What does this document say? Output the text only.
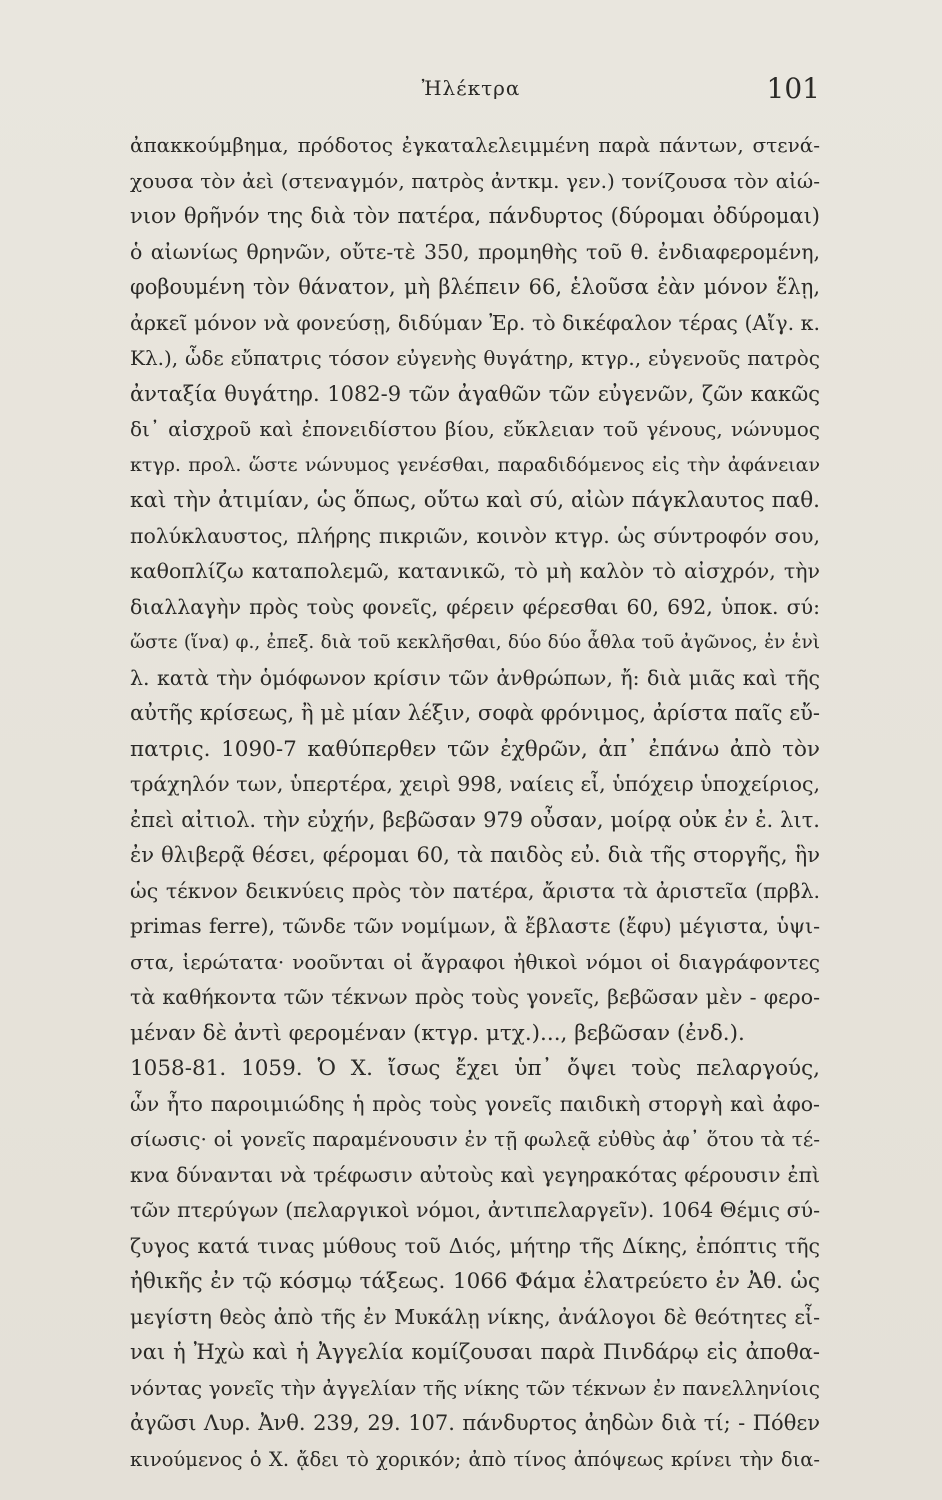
Ἠλέκτρα	101
ἀπακκούμβημα, πρόδοτος ἐγκαταλελειμμένη παρὰ πάντων, στενά-
χουσα τὸν ἀεὶ (στεναγμόν, πατρὸς ἀντκμ. γεν.) τονίζουσα τὸν αἰώ-
νιον θρῆνόν της διὰ τὸν πατέρα, πάνδυρτος (δύρομαι ὀδύρομαι)
ὁ αἰωνίως θρηνῶν, οὔτε-τὲ 350, προμηθὴς τοῦ θ. ἐνδιαφερομένη,
φοβουμένη τὸν θάνατον, μὴ βλέπειν 66, ἑλοῦσα ἐὰν μόνον ἕλῃ,
ἀρκεῖ μόνον νὰ φονεύσῃ, διδύμαν Ἐρ. τὸ δικέφαλον τέρας (Αἴγ. κ.
Κλ.), ὧδε εὔπατρις τόσον εὐγενὴς θυγάτηρ, κτγρ., εὐγενοῦς πατρὸς
ἀνταξία θυγάτηρ. 1082-9 τῶν ἀγαθῶν τῶν εὐγενῶν, ζῶν κακῶς
δι᾽ αἰσχροῦ καὶ ἐπονειδίστου βίου, εὔκλειαν τοῦ γένους, νώνυμος
κτγρ. προλ. ὥστε νώνυμος γενέσθαι, παραδιδόμενος εἰς τὴν ἀφάνειαν
καὶ τὴν ἀτιμίαν, ὡς ὅπως, οὕτω καὶ σύ, αἰὼν πάγκλαυτος παθ.
πολύκλαυστος, πλήρης πικριῶν, κοινὸν κτγρ. ὡς σύντροφόν σου,
καθοπλίζω καταπολεμῶ, κατανικῶ, τὸ μὴ καλὸν τὸ αἰσχρόν, τὴν
διαλλαγὴν πρὸς τοὺς φονεῖς, φέρειν φέρεσθαι 60, 692, ὑποκ. σύ:
ὥστε (ἵνα) φ., ἐπεξ. διὰ τοῦ κεκλῆσθαι, δύο δύο ἆθλα τοῦ ἀγῶνος, ἐν ἑνὶ
λ. κατὰ τὴν ὁμόφωνον κρίσιν τῶν ἀνθρώπων, ἤ: διὰ μιᾶς καὶ τῆς
αὐτῆς κρίσεως, ἢ μὲ μίαν λέξιν, σοφὰ φρόνιμος, ἀρίστα παῖς εὔ-
πατρις. 1090-7 καθύπερθεν τῶν ἐχθρῶν, ἀπ᾽ ἐπάνω ἀπὸ τὸν
τράχηλόν των, ὑπερτέρα, χειρὶ 998, ναίεις εἶ, ὑπόχειρ ὑποχείριος,
ἐπεὶ αἰτιολ. τὴν εὐχήν, βεβῶσαν 979 οὖσαν, μοίρᾳ οὐκ ἐν ἐ. λιτ.
ἐν θλιβερᾷ θέσει, φέρομαι 60, τὰ παιδὸς εὐ. διὰ τῆς στοργῆς, ἣν
ὡς τέκνον δεικνύεις πρὸς τὸν πατέρα, ἄριστα τὰ ἀριστεῖα (πρβλ.
primas ferre), τῶνδε τῶν νομίμων, ἃ ἔβλαστε (ἔφυ) μέγιστα, ὑψι-
στα, ἱερώτατα· νοοῦνται οἱ ἄγραφοι ἠθικοὶ νόμοι οἱ διαγράφοντες
τὰ καθήκοντα τῶν τέκνων πρὸς τοὺς γονεῖς, βεβῶσαν μὲν - φερο-
μέναν δὲ ἀντὶ φερομέναν (κτγρ. μτχ.)..., βεβῶσαν (ἐνδ.).
1058-81. 1059. Ὁ Χ. ἴσως ἔχει ὑπ᾽ ὄψει τοὺς πελαργούς,
ὧν ἦτο παροιμιώδης ἡ πρὸς τοὺς γονεῖς παιδικὴ στοργὴ καὶ ἀφο-
σίωσις· οἱ γονεῖς παραμένουσιν ἐν τῇ φωλεᾷ εὐθὺς ἀφ᾽ ὅτου τὰ τέ-
κνα δύνανται νὰ τρέφωσιν αὐτοὺς καὶ γεγηρακότας φέρουσιν ἐπὶ
τῶν πτερύγων (πελαργικοὶ νόμοι, ἀντιπελαργεῖν). 1064 Θέμις σύ-
ζυγος κατά τινας μύθους τοῦ Διός, μήτηρ τῆς Δίκης, ἐπόπτις τῆς
ἠθικῆς ἐν τῷ κόσμῳ τάξεως. 1066 Φάμα ἐλατρεύετο ἐν Ἀθ. ὡς
μεγίστη θεὸς ἀπὸ τῆς ἐν Μυκάλῃ νίκης, ἀνάλογοι δὲ θεότητες εἶ-
ναι ἡ Ἠχὼ καὶ ἡ Ἀγγελία κομίζουσαι παρὰ Πινδάρῳ εἰς ἀποθα-
νόντας γονεῖς τὴν ἀγγελίαν τῆς νίκης τῶν τέκνων ἐν πανελληνίοις
ἀγῶσι Λυρ. Ἀνθ. 239, 29. 107. πάνδυρτος ἀηδὼν διὰ τί; - Πόθεν
κινούμενος ὁ Χ. ᾄδει τὸ χορικόν; ἀπὸ τίνος ἀπόψεως κρίνει τὴν δια-
